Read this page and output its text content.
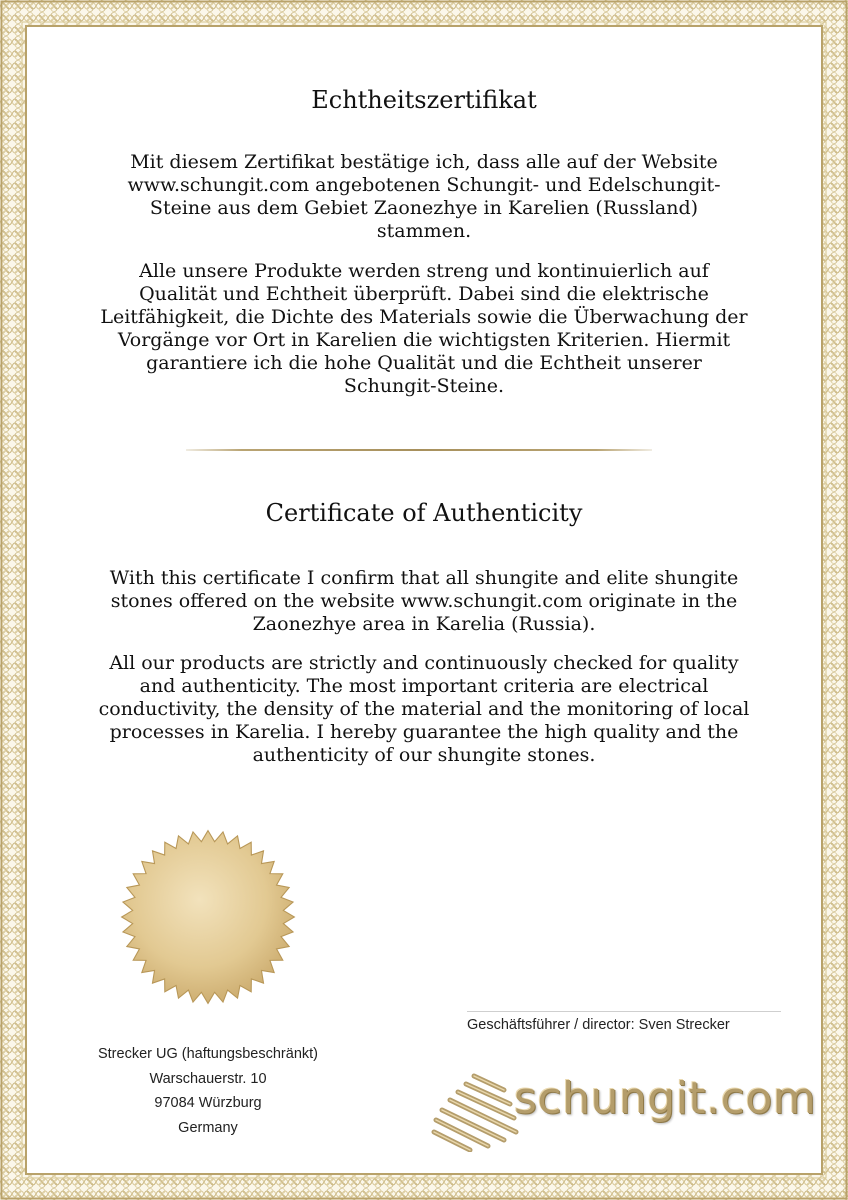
Echtheitszertifikat

Mit diesem Zertifikat bestätige ich, dass alle auf der Website www.schungit.com angebotenen Schungit- und Edelschungit-Steine aus dem Gebiet Zaonezhye in Karelien (Russland) stammen.

Alle unsere Produkte werden streng und kontinuierlich auf Qualität und Echtheit überprüft. Dabei sind die elektrische Leitfähigkeit, die Dichte des Materials sowie die Überwachung der Vorgänge vor Ort in Karelien die wichtigsten Kriterien. Hiermit garantiere ich die hohe Qualität und die Echtheit unserer Schungit-Steine.

Certificate of Authenticity

With this certificate I confirm that all shungite and elite shungite stones offered on the website www.schungit.com originate in the Zaonezhye area in Karelia (Russia).

All our products are strictly and continuously checked for quality and authenticity. The most important criteria are electrical conductivity, the density of the material and the monitoring of local processes in Karelia. I hereby guarantee the high quality and the authenticity of our shungite stones.

Geschäftsführer / director: Sven Strecker
Strecker UG (haftungsbeschränkt)
Warschauerstr. 10
97084 Würzburg
Germany
schungit.com
